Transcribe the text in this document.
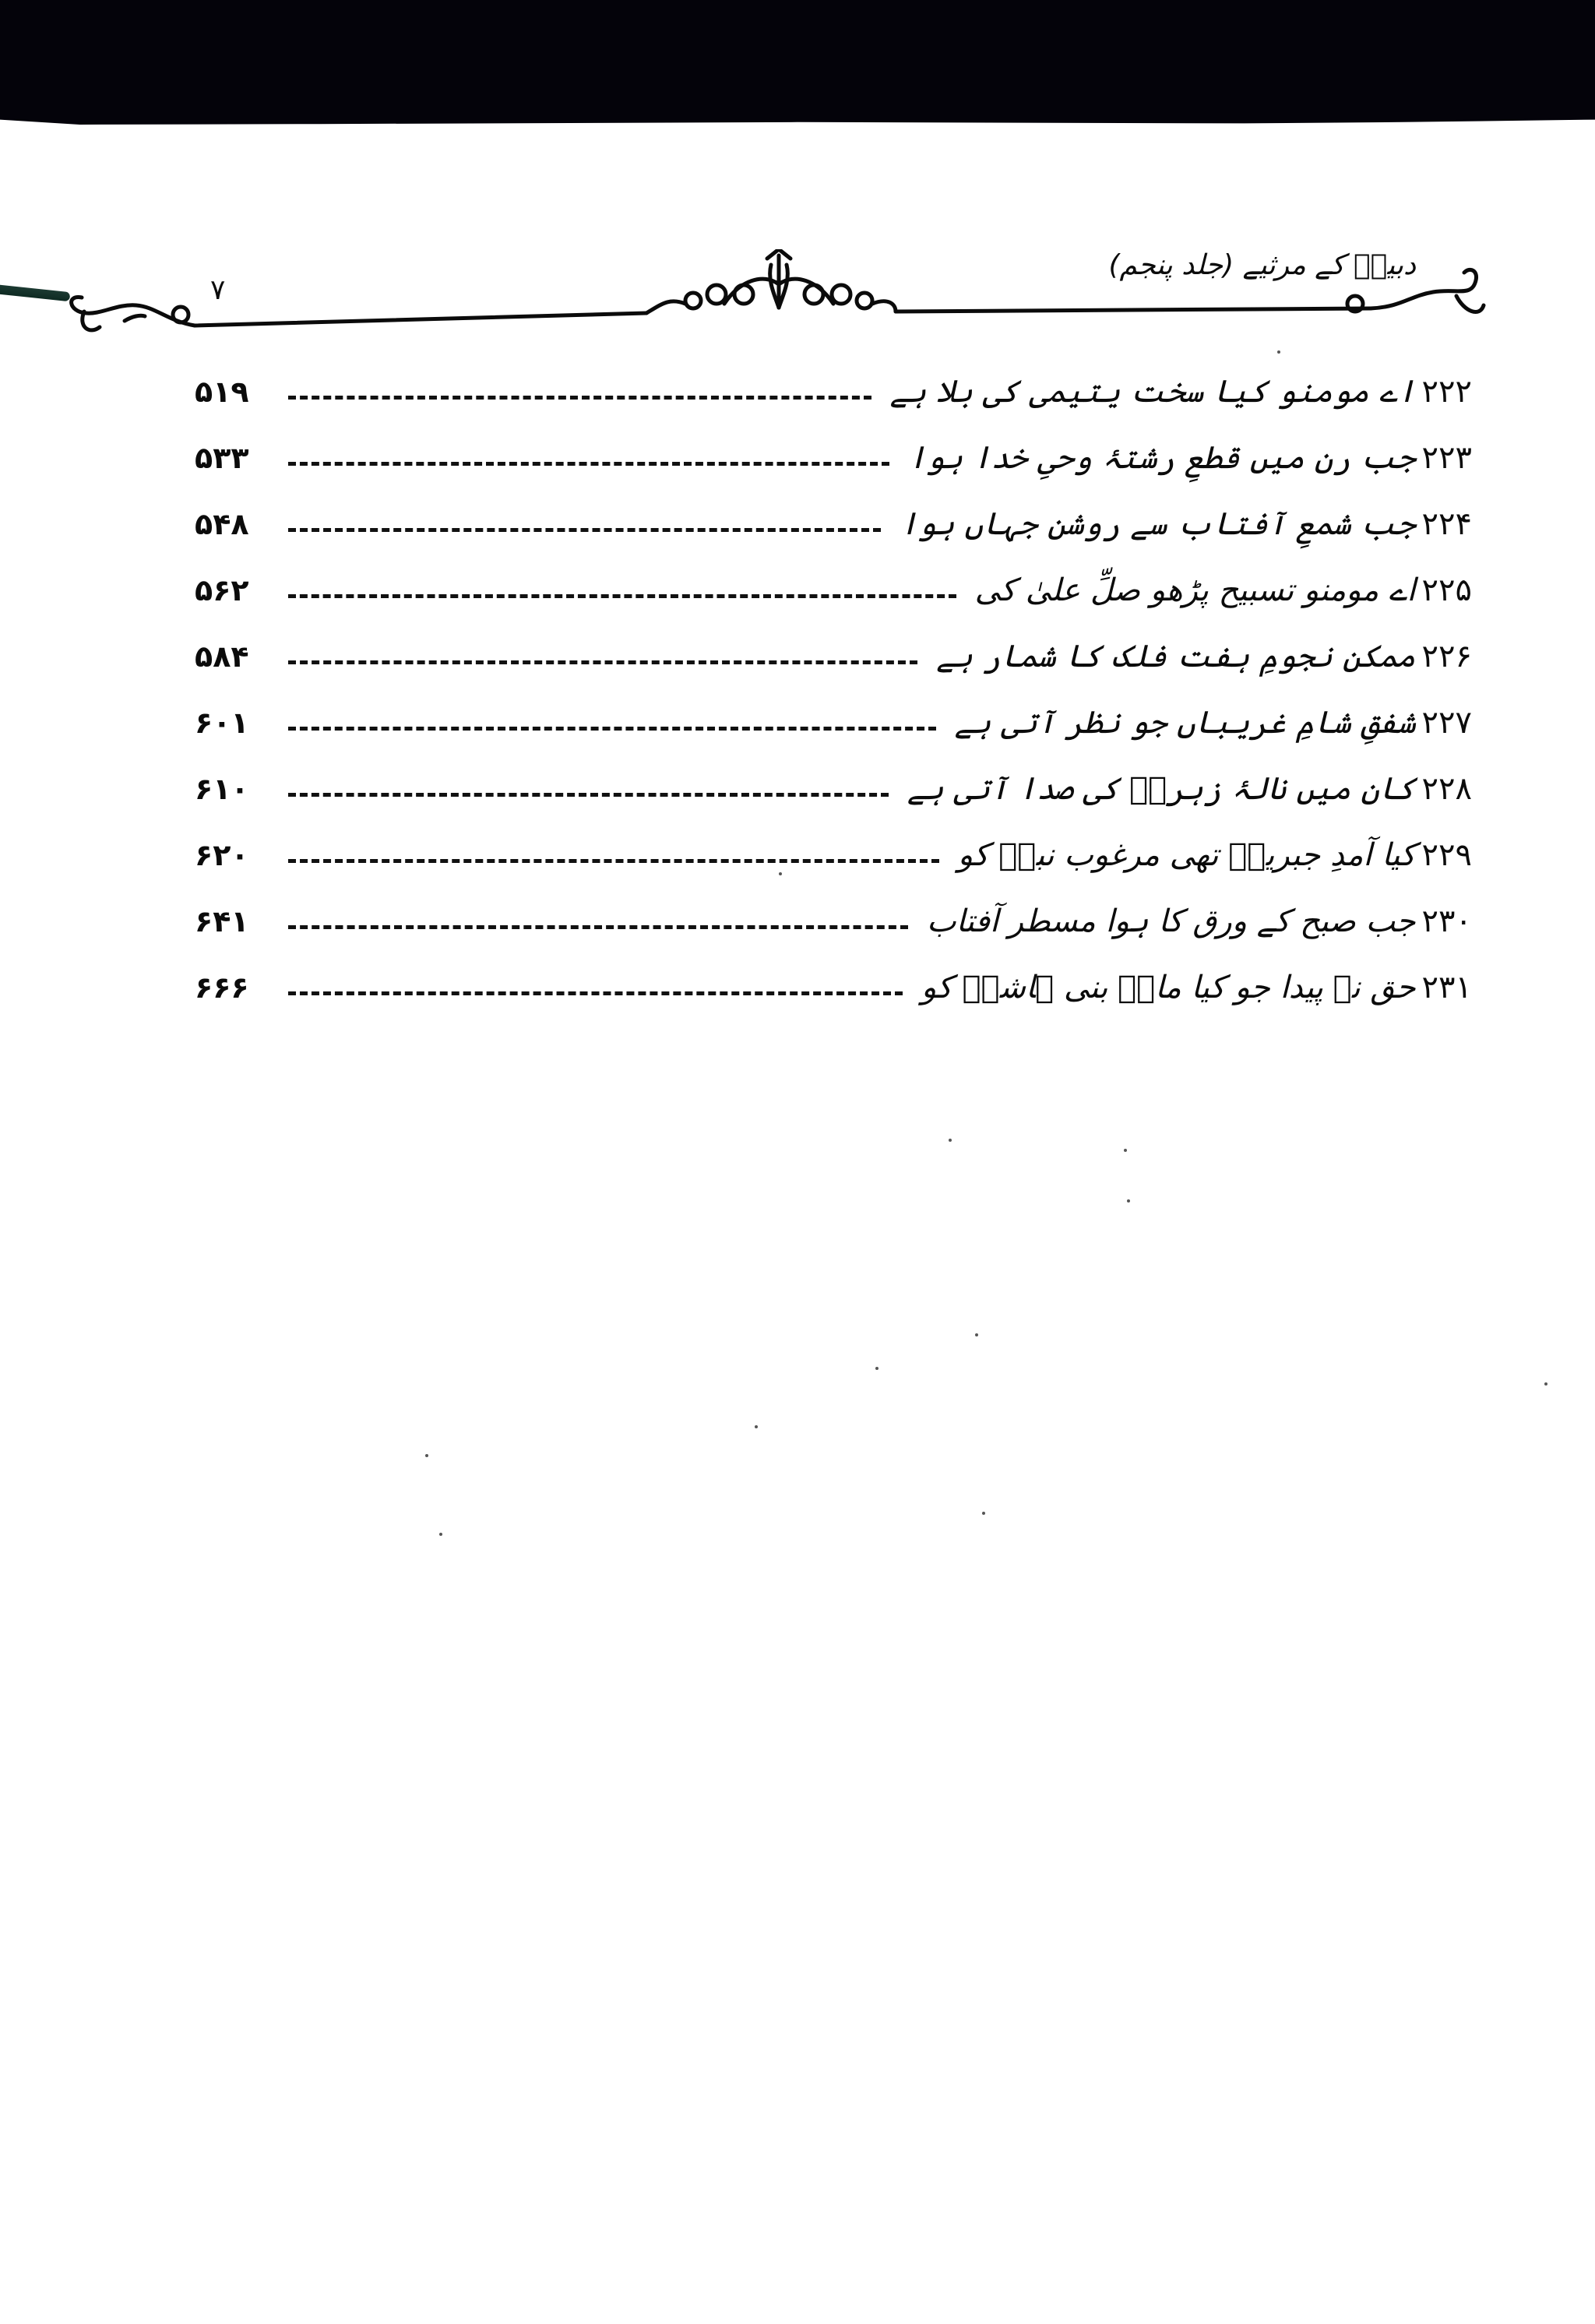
دبیرؔ کے مرثیے (جلد پنجم)
۷
۲۲۲
اے مومنو کیا سخت یتیمی کی بلا ہے
۵۱۹
۲۲۳
جب رن میں قطعِ رشتۂ وحیِ خدا ہوا
۵۳۳
۲۲۴
جب شمعِ آفتاب سے روشن جہاں ہوا
۵۴۸
۲۲۵
اے مومنو تسبیح پڑھو صلِّ علیٰ کی
۵۶۲
۲۲۶
ممکن نجومِ ہفت فلک کا شمار ہے
۵۸۴
۲۲۷
شفقِ شامِ غریباں جو نظر آتی ہے
۶۰۱
۲۲۸
کان میں نالۂ زہراؑ کی صدا آتی ہے
۶۱۰
۲۲۹
کیا آمدِ جبریلؑ تھی مرغوب نبیؐ کو
۶۲۰
۲۳۰
جب صبح کے ورق کا ہوا مسطر آفتاب
۶۴۱
۲۳۱
حق نے پیدا جو کیا ماہِ بنی ہاشمؑ کو
۶۶۶
